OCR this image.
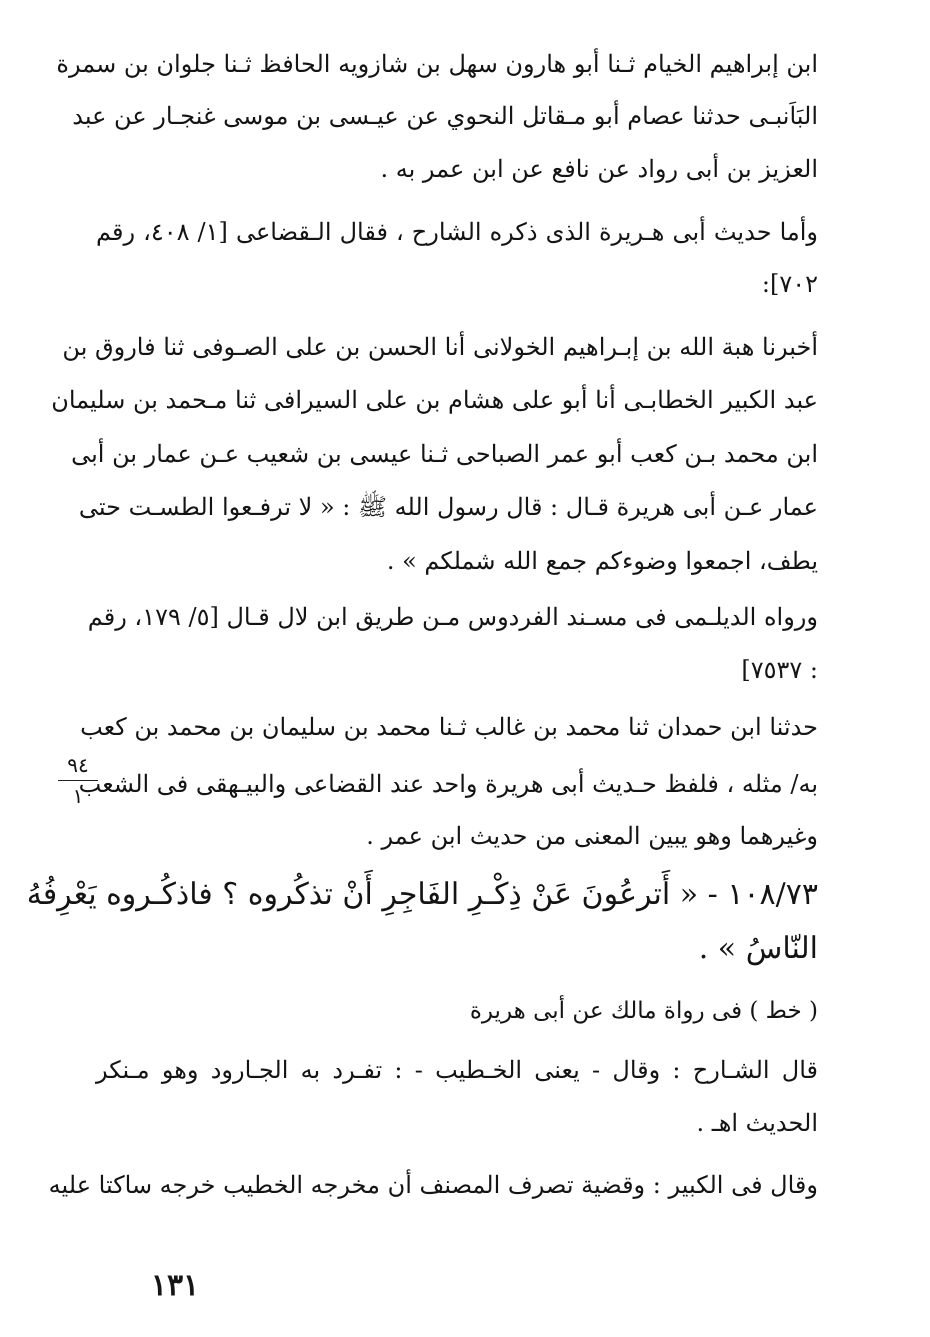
ابن إبراهيم الخيام ثـنا أبو هارون سهل بن شازويه الحافظ ثـنا جلوان بن سمرة
البَاَنبـى حدثنا عصام أبو مـقاتل النحوي عن عيـسى بن موسى غنجـار عن عبد
العزيز بن أبى رواد عن نافع عن ابن عمر به .
وأما حديث أبى هـريرة الذى ذكره الشارح ، فقال الـقضاعى [١/ ٤٠٨، رقم
٧٠٢]:
أخبرنا هبة الله بن إبـراهيم الخولانى أنا الحسن بن على الصـوفى ثنا فاروق بن
عبد الكبير الخطابـى أنا أبو على هشام بن على السيرافى ثنا مـحمد بن سليمان
ابن محمد بـن كعب أبو عمر الصباحى ثـنا عيسى بن شعيب عـن عمار بن أبى
عمار عـن أبى هريرة قـال : قال رسول الله ﷺ : « لا ترفـعوا الطسـت حتى
يطف، اجمعوا وضوءكم جمع الله شملكم » .
ورواه الديلـمى فى مسـند الفردوس مـن طريق ابن لال قـال [٥/ ١٧٩، رقم
: ٧٥٣٧]
حدثنا ابن حمدان ثنا محمد بن غالب ثـنا محمد بن سليمان بن محمد بن كعب
به/ مثله ، فلفظ حـديث أبى هريرة واحد عند القضاعى والبيـهقى فى الشعب
وغيرهما وهو يبين المعنى من حديث ابن عمر .
١٠٨/٧٣ - « أَترعُونَ عَنْ ذِكْـرِ الفَاجِرِ أَنْ تذكُروه ؟ فاذكُـروه يَعْرِفُهُ
النّاسُ » .
( خط ) فى رواة مالك عن أبى هريرة
قال الشـارح : وقال - يعنى الخـطيب - : تفـرد به الجـارود وهو مـنكر
الحديث اهـ .
وقال فى الكبير : وقضية تصرف المصنف أن مخرجه الخطيب خرجه ساكتا عليه
٩٤
١
١٣١
